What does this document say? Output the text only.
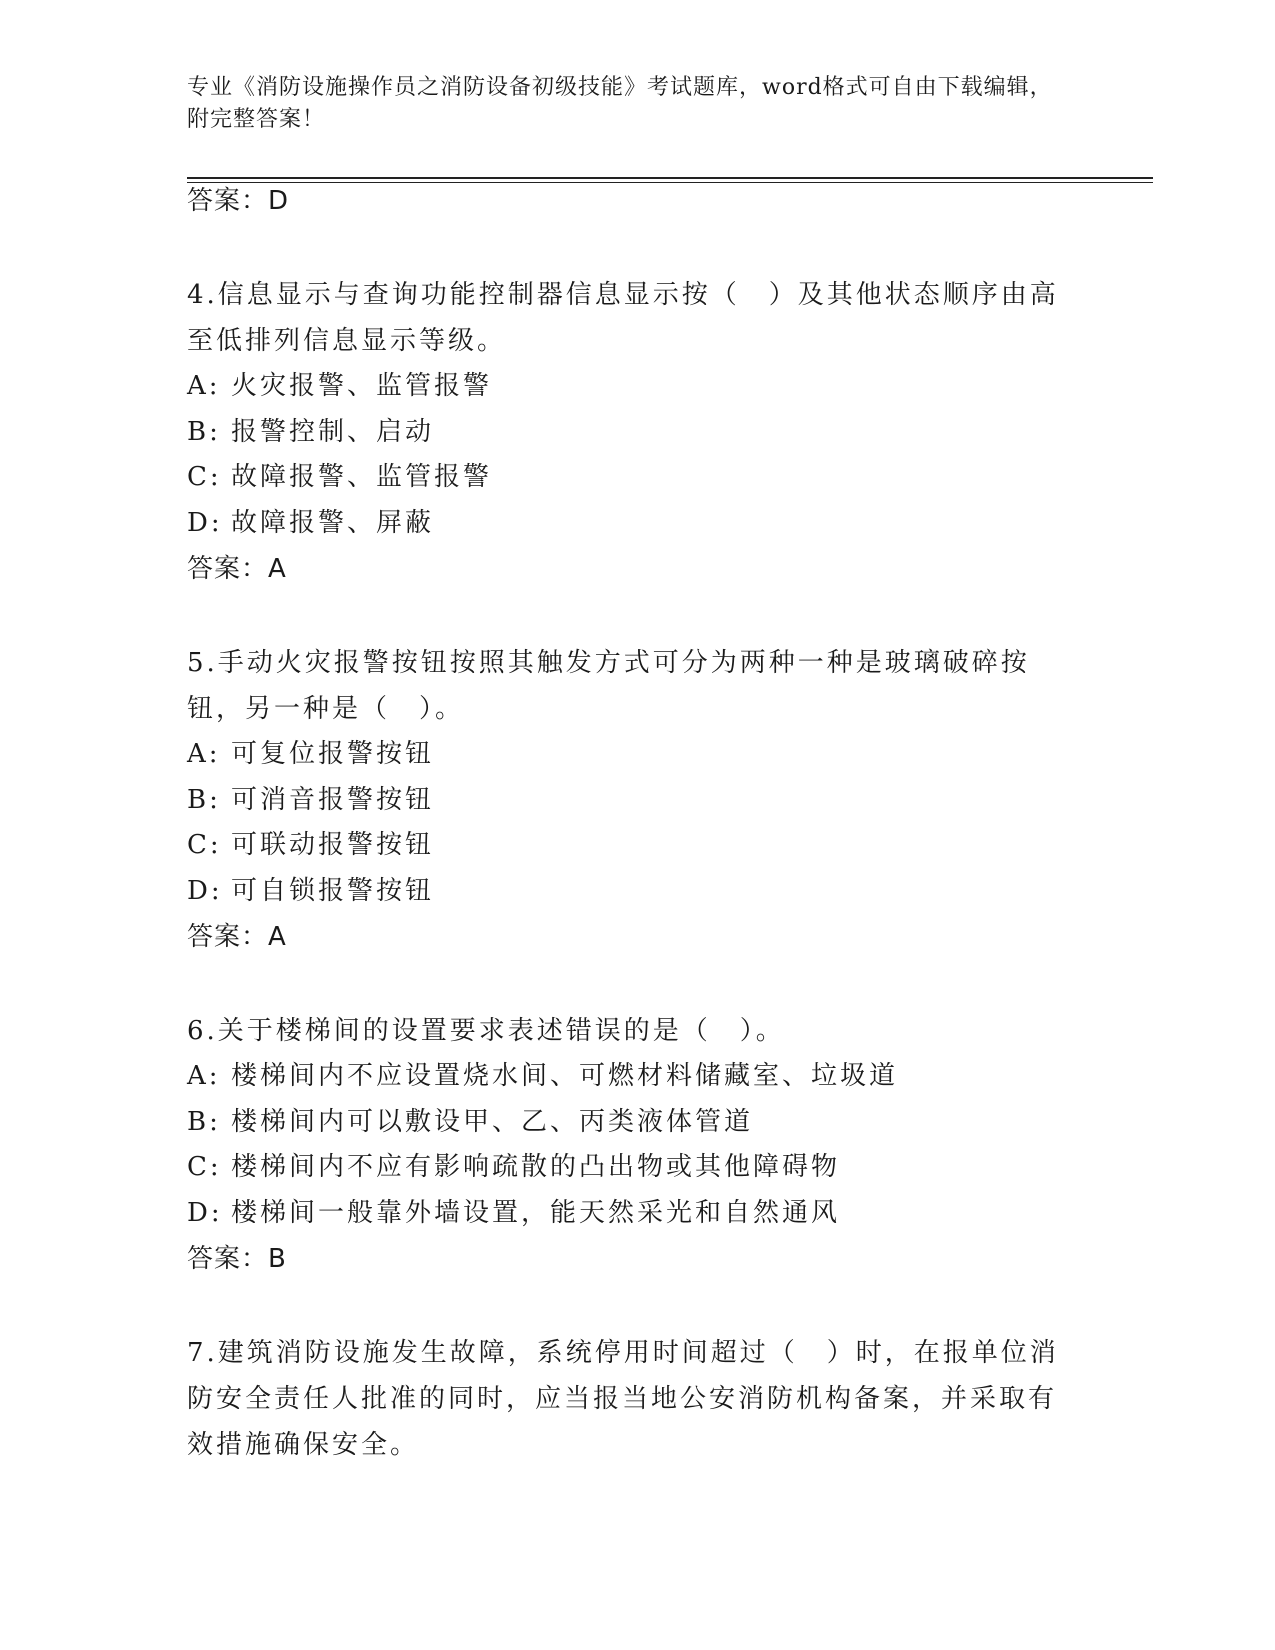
专业《消防设施操作员之消防设备初级技能》考试题库，word格式可自由下载编辑，附完整答案！
答案：D
4.信息显示与查询功能控制器信息显示按（　）及其他状态顺序由高至低排列信息显示等级。
A: 火灾报警、监管报警
B: 报警控制、启动
C: 故障报警、监管报警
D: 故障报警、屏蔽
答案：A
5.手动火灾报警按钮按照其触发方式可分为两种一种是玻璃破碎按钮，另一种是（　）。
A: 可复位报警按钮
B: 可消音报警按钮
C: 可联动报警按钮
D: 可自锁报警按钮
答案：A
6.关于楼梯间的设置要求表述错误的是（　）。
A: 楼梯间内不应设置烧水间、可燃材料储藏室、垃圾道
B: 楼梯间内可以敷设甲、乙、丙类液体管道
C: 楼梯间内不应有影响疏散的凸出物或其他障碍物
D: 楼梯间一般靠外墙设置，能天然采光和自然通风
答案：B
7.建筑消防设施发生故障，系统停用时间超过（　）时，在报单位消防安全责任人批准的同时，应当报当地公安消防机构备案，并采取有效措施确保安全。
